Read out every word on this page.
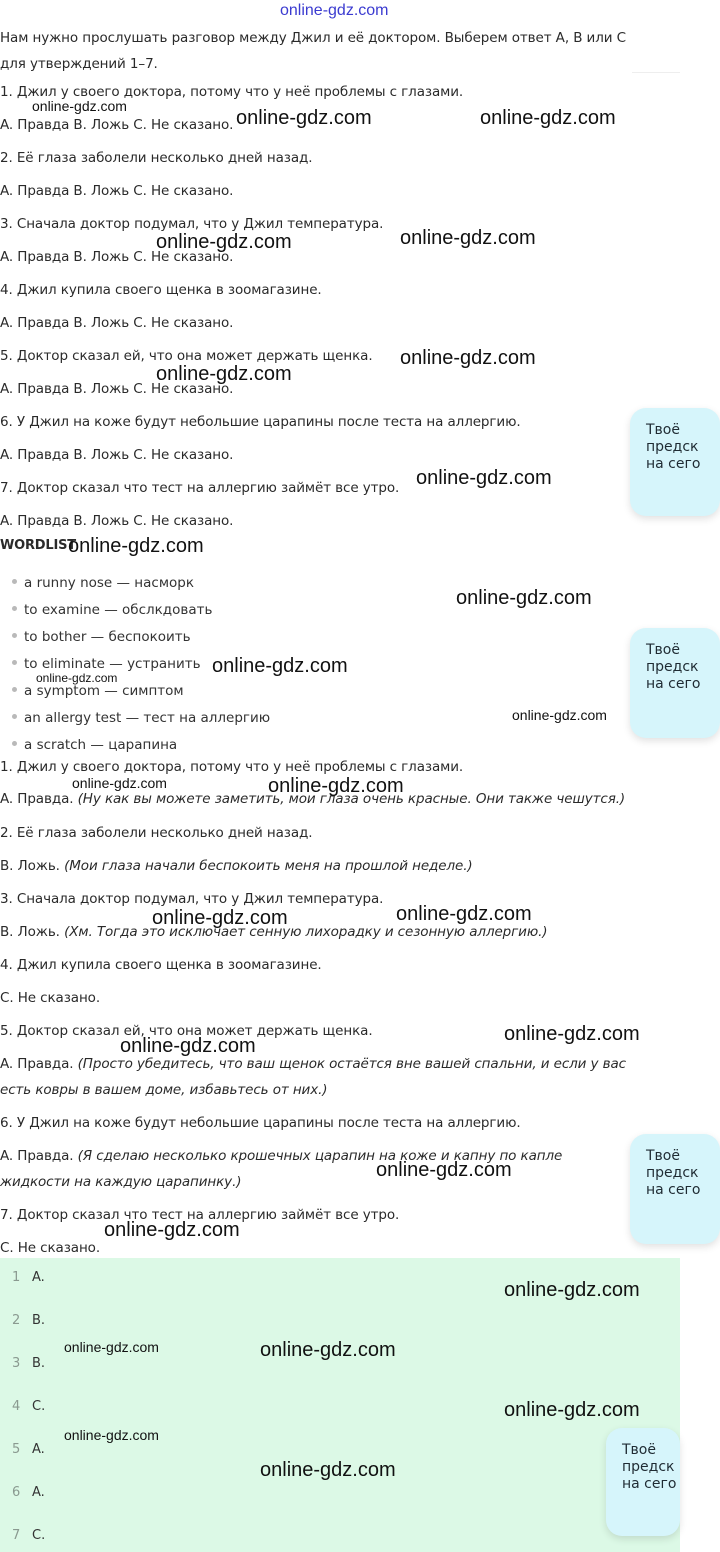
online-gdz.com
Нам нужно прослушать разговор между Джил и её доктором. Выберем ответ А, B или С
для утверждений 1–7.
1. Джил у своего доктора, потому что у неё проблемы с глазами.
A. Правда B. Ложь C. Не сказано.
2. Её глаза заболели несколько дней назад.
A. Правда B. Ложь C. Не сказано.
3. Сначала доктор подумал, что у Джил температура.
A. Правда B. Ложь C. Не сказано.
4. Джил купила своего щенка в зоомагазине.
A. Правда B. Ложь C. Не сказано.
5. Доктор сказал ей, что она может держать щенка.
A. Правда B. Ложь C. Не сказано.
6. У Джил на коже будут небольшие царапины после теста на аллергию.
A. Правда B. Ложь C. Не сказано.
7. Доктор сказал что тест на аллергию займёт все утро.
A. Правда B. Ложь C. Не сказано.
WORDLIST
a runny nose — насморк
to examine — обслкдовать
to bother — беспокоить
to eliminate — устранить
a symptom — симптом
an allergy test — тест на аллергию
a scratch — царапина
1. Джил у своего доктора, потому что у неё проблемы с глазами.
A. Правда. (Ну как вы можете заметить, мои глаза очень красные. Они также чешутся.)
2. Её глаза заболели несколько дней назад.
B. Ложь. (Мои глаза начали беспокоить меня на прошлой неделе.)
3. Сначала доктор подумал, что у Джил температура.
B. Ложь. (Хм. Тогда это исключает сенную лихорадку и сезонную аллергию.)
4. Джил купила своего щенка в зоомагазине.
C. Не сказано.
5. Доктор сказал ей, что она может держать щенка.
A. Правда. (Просто убедитесь, что ваш щенок остаётся вне вашей спальни, и если у вас
есть ковры в вашем доме, избавьтесь от них.)
6. У Джил на коже будут небольшие царапины после теста на аллергию.
A. Правда. (Я сделаю несколько крошечных царапин на коже и капну по капле
жидкости на каждую царапинку.)
7. Доктор сказал что тест на аллергию займёт все утро.
C. Не сказано.
1 A.
2 B.
3 B.
4 C.
5 A.
6 A.
7 C.
Твоё
предск
на сего
Твоё
предск
на сего
Твоё
предск
на сего
Твоё
предск
на сего
online-gdz.com
online-gdz.com	online-gdz.com
online-gdz.com	online-gdz.com
online-gdz.com
online-gdz.com
online-gdz.com
online-gdz.com
online-gdz.com
online-gdz.com
online-gdz.com
online-gdz.com
online-gdz.com	online-gdz.com
online-gdz.com	online-gdz.com
online-gdz.com
online-gdz.com
online-gdz.com
online-gdz.com
online-gdz.com
online-gdz.com	online-gdz.com
online-gdz.com
online-gdz.com
online-gdz.com
